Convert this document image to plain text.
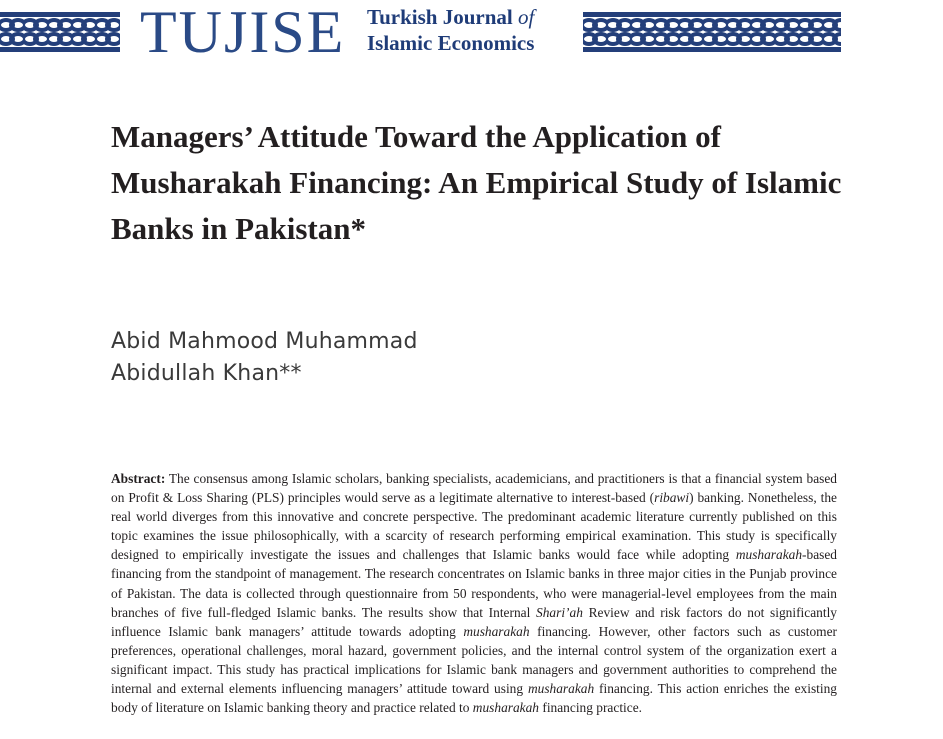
TUJISE Turkish Journal of
Islamic Economics
Managers’ Attitude Toward the Application of Musharakah Financing: An Empirical Study of Islamic Banks in Pakistan*
Abid Mahmood Muhammad
Abidullah Khan**

Abstract: The consensus among Islamic scholars, banking specialists, academicians, and practitioners is that a financial system based on Profit & Loss Sharing (PLS) principles would serve as a legitimate alternative to interest-based (ribawi) banking. Nonetheless, the real world diverges from this innovative and concrete perspective. The predominant academic literature currently published on this topic examines the issue philosophically, with a scarcity of research performing empirical examination. This study is specifically designed to empirically investigate the issues and challenges that Islamic banks would face while adopting musharakah-based financing from the standpoint of management. The research concentrates on Islamic banks in three major cities in the Punjab province of Pakistan. The data is collected through questionnaire from 50 respondents, who were managerial-level employees from the main branches of five full-fledged Islamic banks. The results show that Internal Shari’ah Review and risk factors do not significantly influence Islamic bank managers’ attitude towards adopting musharakah financing. However, other factors such as customer preferences, operational challenges, moral hazard, government policies, and the internal control system of the organization exert a significant impact. This study has practical implications for Islamic bank managers and government authorities to comprehend the internal and external elements influencing managers’ attitude toward using musharakah financing. This action enriches the existing body of literature on Islamic banking theory and practice related to musharakah financing practice.
